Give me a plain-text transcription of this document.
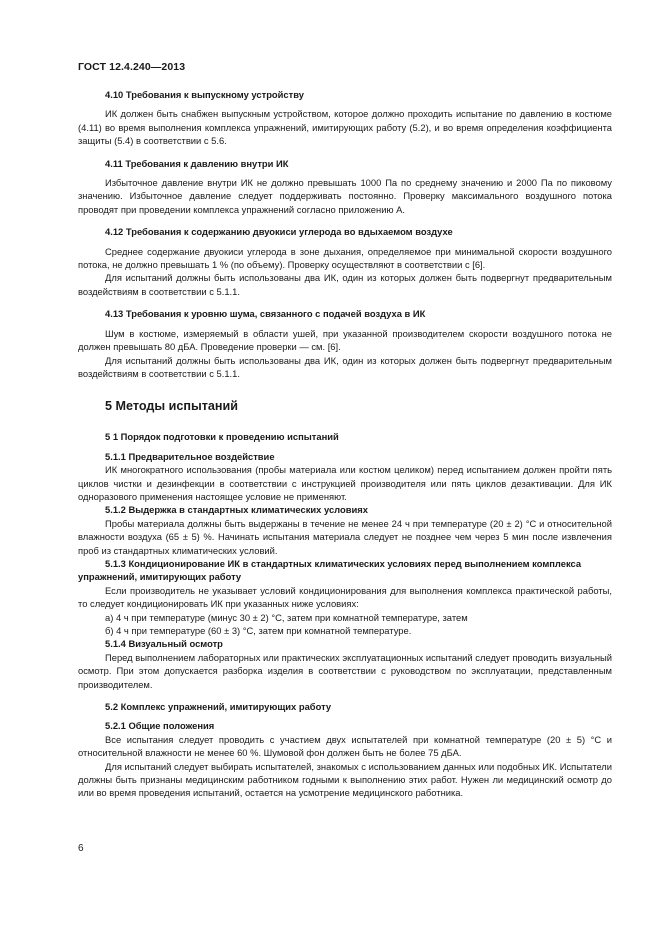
ГОСТ 12.4.240—2013

4.10 Требования к выпускному устройству

ИК должен быть снабжен выпускным устройством, которое должно проходить испытание по давлению в костюме (4.11) во время выполнения комплекса упражнений, имитирующих работу (5.2), и во время определения коэффициента защиты (5.4) в соответствии с 5.6.

4.11 Требования к давлению внутри ИК

Избыточное давление внутри ИК не должно превышать 1000 Па по среднему значению и 2000 Па по пиковому значению. Избыточное давление следует поддерживать постоянно. Проверку максимального воздушного потока проводят при проведении комплекса упражнений согласно приложению А.

4.12 Требования к содержанию двуокиси углерода во вдыхаемом воздухе

Среднее содержание двуокиси углерода в зоне дыхания, определяемое при минимальной скорости воздушного потока, не должно превышать 1 % (по объему). Проверку осуществляют в соответствии с [6].

Для испытаний должны быть использованы два ИК, один из которых должен быть подвергнут предварительным воздействиям в соответствии с 5.1.1.

4.13 Требования к уровню шума, связанного с подачей воздуха в ИК

Шум в костюме, измеряемый в области ушей, при указанной производителем скорости воздушного потока не должен превышать 80 дБА. Проведение проверки — см. [6].

Для испытаний должны быть использованы два ИК, один из которых должен быть подвергнут предварительным воздействиям в соответствии с 5.1.1.

5 Методы испытаний

5 1 Порядок подготовки к проведению испытаний

5.1.1 Предварительное воздействие

ИК многократного использования (пробы материала или костюм целиком) перед испытанием должен пройти пять циклов чистки и дезинфекции в соответствии с инструкцией производителя или пять циклов дезактивации. Для ИК одноразового применения настоящее условие не применяют.

5.1.2 Выдержка в стандартных климатических условиях

Пробы материала должны быть выдержаны в течение не менее 24 ч при температуре (20 ± 2) °С и относительной влажности воздуха (65 ± 5) %. Начинать испытания материала следует не позднее чем через 5 мин после извлечения проб из стандартных климатических условий.

5.1.3 Кондиционирование ИК в стандартных климатических условиях перед выполнением комплекса упражнений, имитирующих работу

Если производитель не указывает условий кондиционирования для выполнения комплекса практической работы, то следует кондиционировать ИК при указанных ниже условиях:

а) 4 ч при температуре (минус 30 ± 2) °С, затем при комнатной температуре, затем

б) 4 ч при температуре (60 ± 3) °С, затем при комнатной температуре.

5.1.4 Визуальный осмотр

Перед выполнением лабораторных или практических эксплуатационных испытаний следует проводить визуальный осмотр. При этом допускается разборка изделия в соответствии с руководством по эксплуатации, представленным производителем.

5.2 Комплекс упражнений, имитирующих работу

5.2.1 Общие положения

Все испытания следует проводить с участием двух испытателей при комнатной температуре (20 ± 5) °С и относительной влажности не менее 60 %. Шумовой фон должен быть не более 75 дБА.

Для испытаний следует выбирать испытателей, знакомых с использованием данных или подобных ИК. Испытатели должны быть признаны медицинским работником годными к выполнению этих работ. Нужен ли медицинский осмотр до или во время проведения испытаний, остается на усмотрение медицинского работника.

6
